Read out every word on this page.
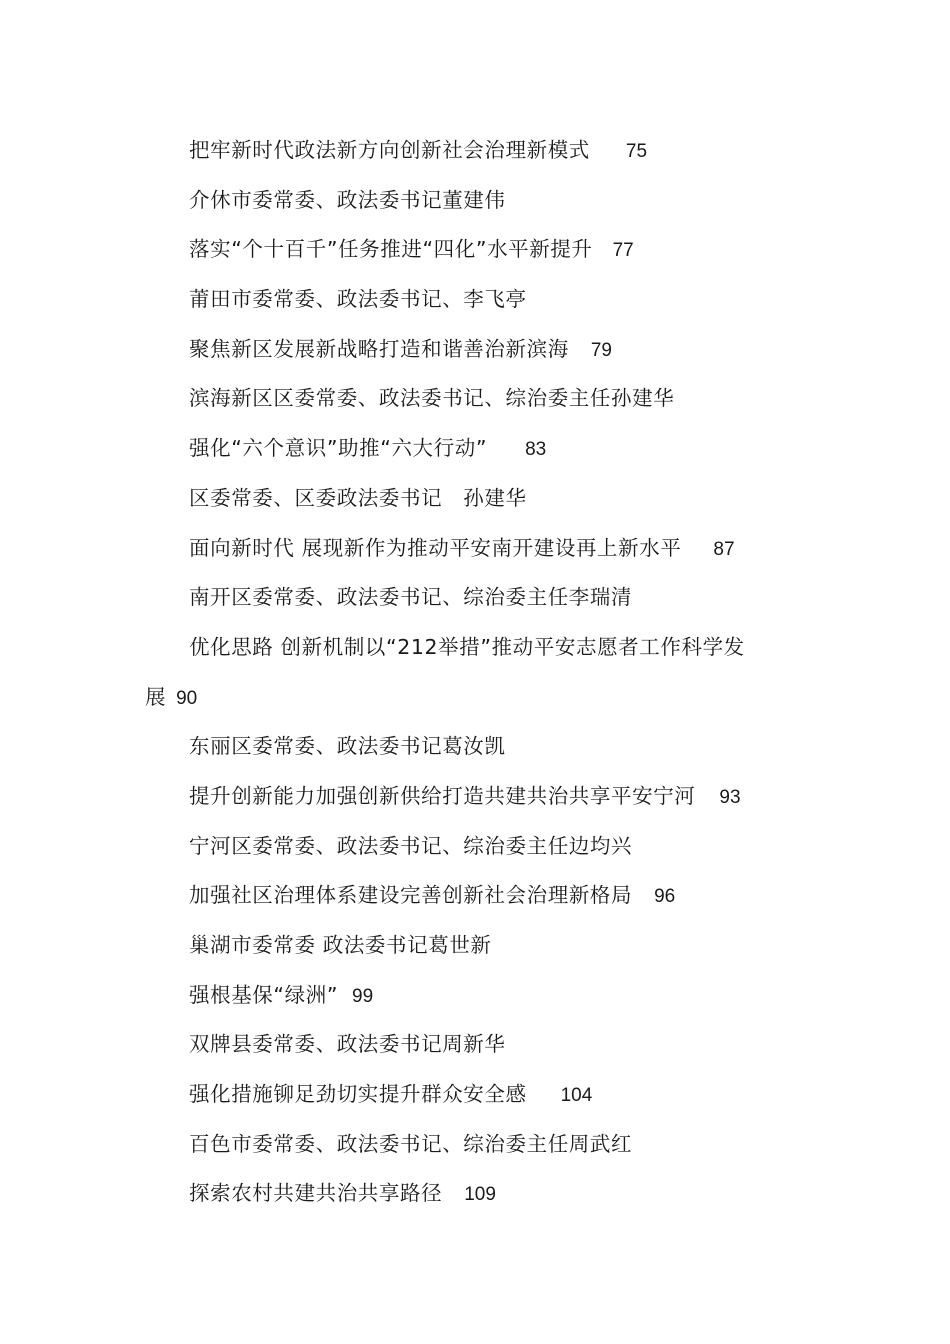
把牢新时代政法新方向创新社会治理新模式 75
介休市委常委、政法委书记董建伟
落实“个十百千”任务推进“四化”水平新提升 77
莆田市委常委、政法委书记、李飞亭
聚焦新区发展新战略打造和谐善治新滨海 79
滨海新区区委常委、政法委书记、综治委主任孙建华
强化“六个意识”助推“六大行动” 83
区委常委、区委政法委书记　孙建华
面向新时代 展现新作为推动平安南开建设再上新水平 87
南开区委常委、政法委书记、综治委主任李瑞清
优化思路 创新机制以“212举措”推动平安志愿者工作科学发
展 90
东丽区委常委、政法委书记葛汝凯
提升创新能力加强创新供给打造共建共治共享平安宁河 93
宁河区委常委、政法委书记、综治委主任边均兴
加强社区治理体系建设完善创新社会治理新格局 96
巢湖市委常委 政法委书记葛世新
强根基保“绿洲” 99
双牌县委常委、政法委书记周新华
强化措施铆足劲切实提升群众安全感 104
百色市委常委、政法委书记、综治委主任周武红
探索农村共建共治共享路径 109
